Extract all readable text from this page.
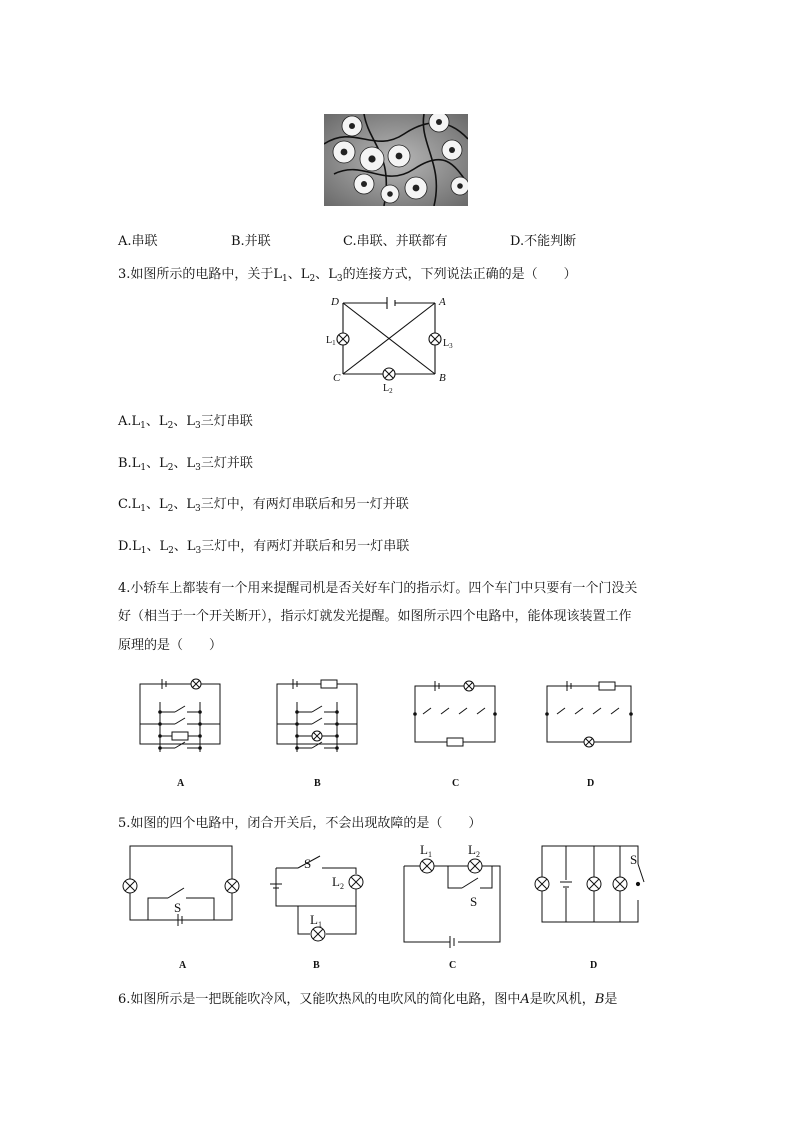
A.串联	B.并联	C.串联、并联都有	D.不能判断
3.如图所示的电路中，关于$L_1$、$L_2$、$L_3$的连接方式，下列说法正确的是（　　）
D	A
C	B
$L_1$	$L_3$
$L_2$
$A.L_1$、$L_2$、$L_3$三灯串联
$B.L_1$、$L_2$、$L_3$三灯并联
$C.L_1$、$L_2$、$L_3$三灯中，有两灯串联后和另一灯并联
$D.L_1$、$L_2$、$L_3$三灯中，有两灯并联后和另一灯串联
4.小轿车上都装有一个用来提醒司机是否关好车门的指示灯。四个车门中只要有一个门没关
好（相当于一个开关断开），指示灯就发光提醒。如图所示四个电路中，能体现该装置工作
原理的是（　　）
A	B	C	D
5.如图的四个电路中，闭合开关后，不会出现故障的是（　　）
S
S
$L_2$
$L_1$
$L_1$	$L_2$
S
S
A	B	C	D
6.如图所示是一把既能吹冷风，又能吹热风的电吹风的简化电路，图中A是吹风机，B是
